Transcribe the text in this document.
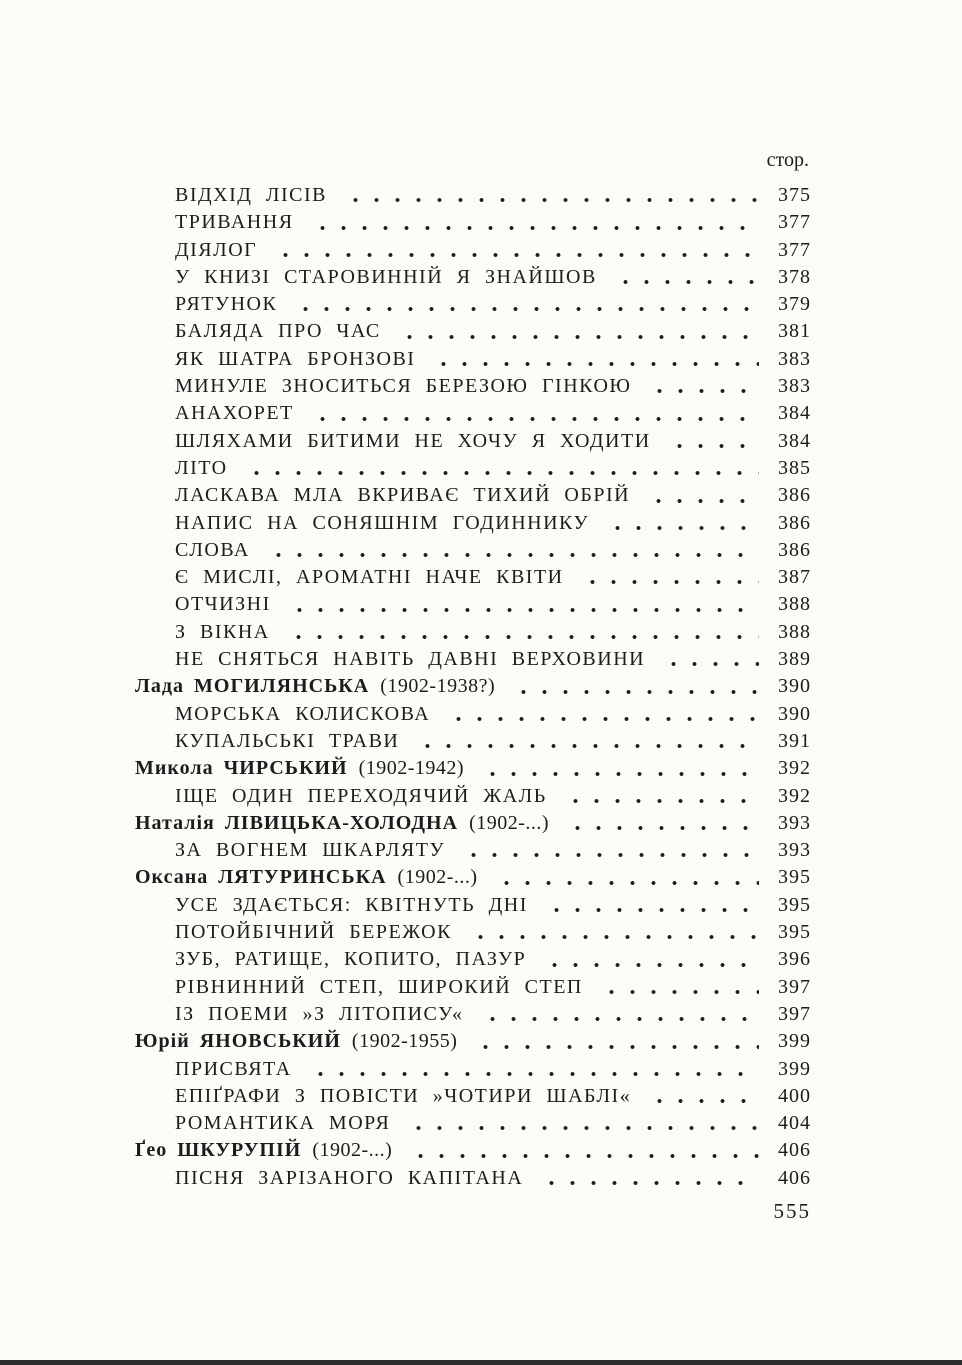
стор.
ВІДХІД ЛІСІВ	375
ТРИВАННЯ	377
ДІЯЛОГ	377
У КНИЗІ СТАРОВИННІЙ Я ЗНАЙШОВ	378
РЯТУНОК	379
БАЛЯДА ПРО ЧАС	381
ЯК ШАТРА БРОНЗОВІ	383
МИНУЛЕ ЗНОСИТЬСЯ БЕРЕЗОЮ ГІНКОЮ	383
АНАХОРЕТ	384
ШЛЯХАМИ БИТИМИ НЕ ХОЧУ Я ХОДИТИ	384
ЛІТО	385
ЛАСКАВА МЛА ВКРИВАЄ ТИХИЙ ОБРІЙ	386
НАПИС НА СОНЯШНІМ ГОДИННИКУ	386
СЛОВА	386
Є МИСЛІ, АРОМАТНІ НАЧЕ КВІТИ	387
ОТЧИЗНІ	388
З ВІКНА	388
НЕ СНЯТЬСЯ НАВІТЬ ДАВНІ ВЕРХОВИНИ	389
Лада МОГИЛЯНСЬКА (1902-1938?)	390
МОРСЬКА КОЛИСКОВА	390
КУПАЛЬСЬКІ ТРАВИ	391
Микола ЧИРСЬКИЙ (1902-1942)	392
ІЩЕ ОДИН ПЕРЕХОДЯЧИЙ ЖАЛЬ	392
Наталія ЛІВИЦЬКА-ХОЛОДНА (1902-...)	393
ЗА ВОГНЕМ ШКАРЛЯТУ	393
Оксана ЛЯТУРИНСЬКА (1902-...)	395
УСЕ ЗДАЄТЬСЯ: КВІТНУТЬ ДНІ	395
ПОТОЙБІЧНИЙ БЕРЕЖОК	395
ЗУБ, РАТИЩЕ, КОПИТО, ПАЗУР	396
РІВНИННИЙ СТЕП, ШИРОКИЙ СТЕП	397
ІЗ ПОЕМИ »З ЛІТОПИСУ«	397
Юрій ЯНОВСЬКИЙ (1902-1955)	399
ПРИСВЯТА	399
ЕПІҐРАФИ З ПОВІСТИ »ЧОТИРИ ШАБЛІ«	400
РОМАНТИКА МОРЯ	404
Ґео ШКУРУПІЙ (1902-...)	406
ПІСНЯ ЗАРІЗАНОГО КАПІТАНА	406
555
